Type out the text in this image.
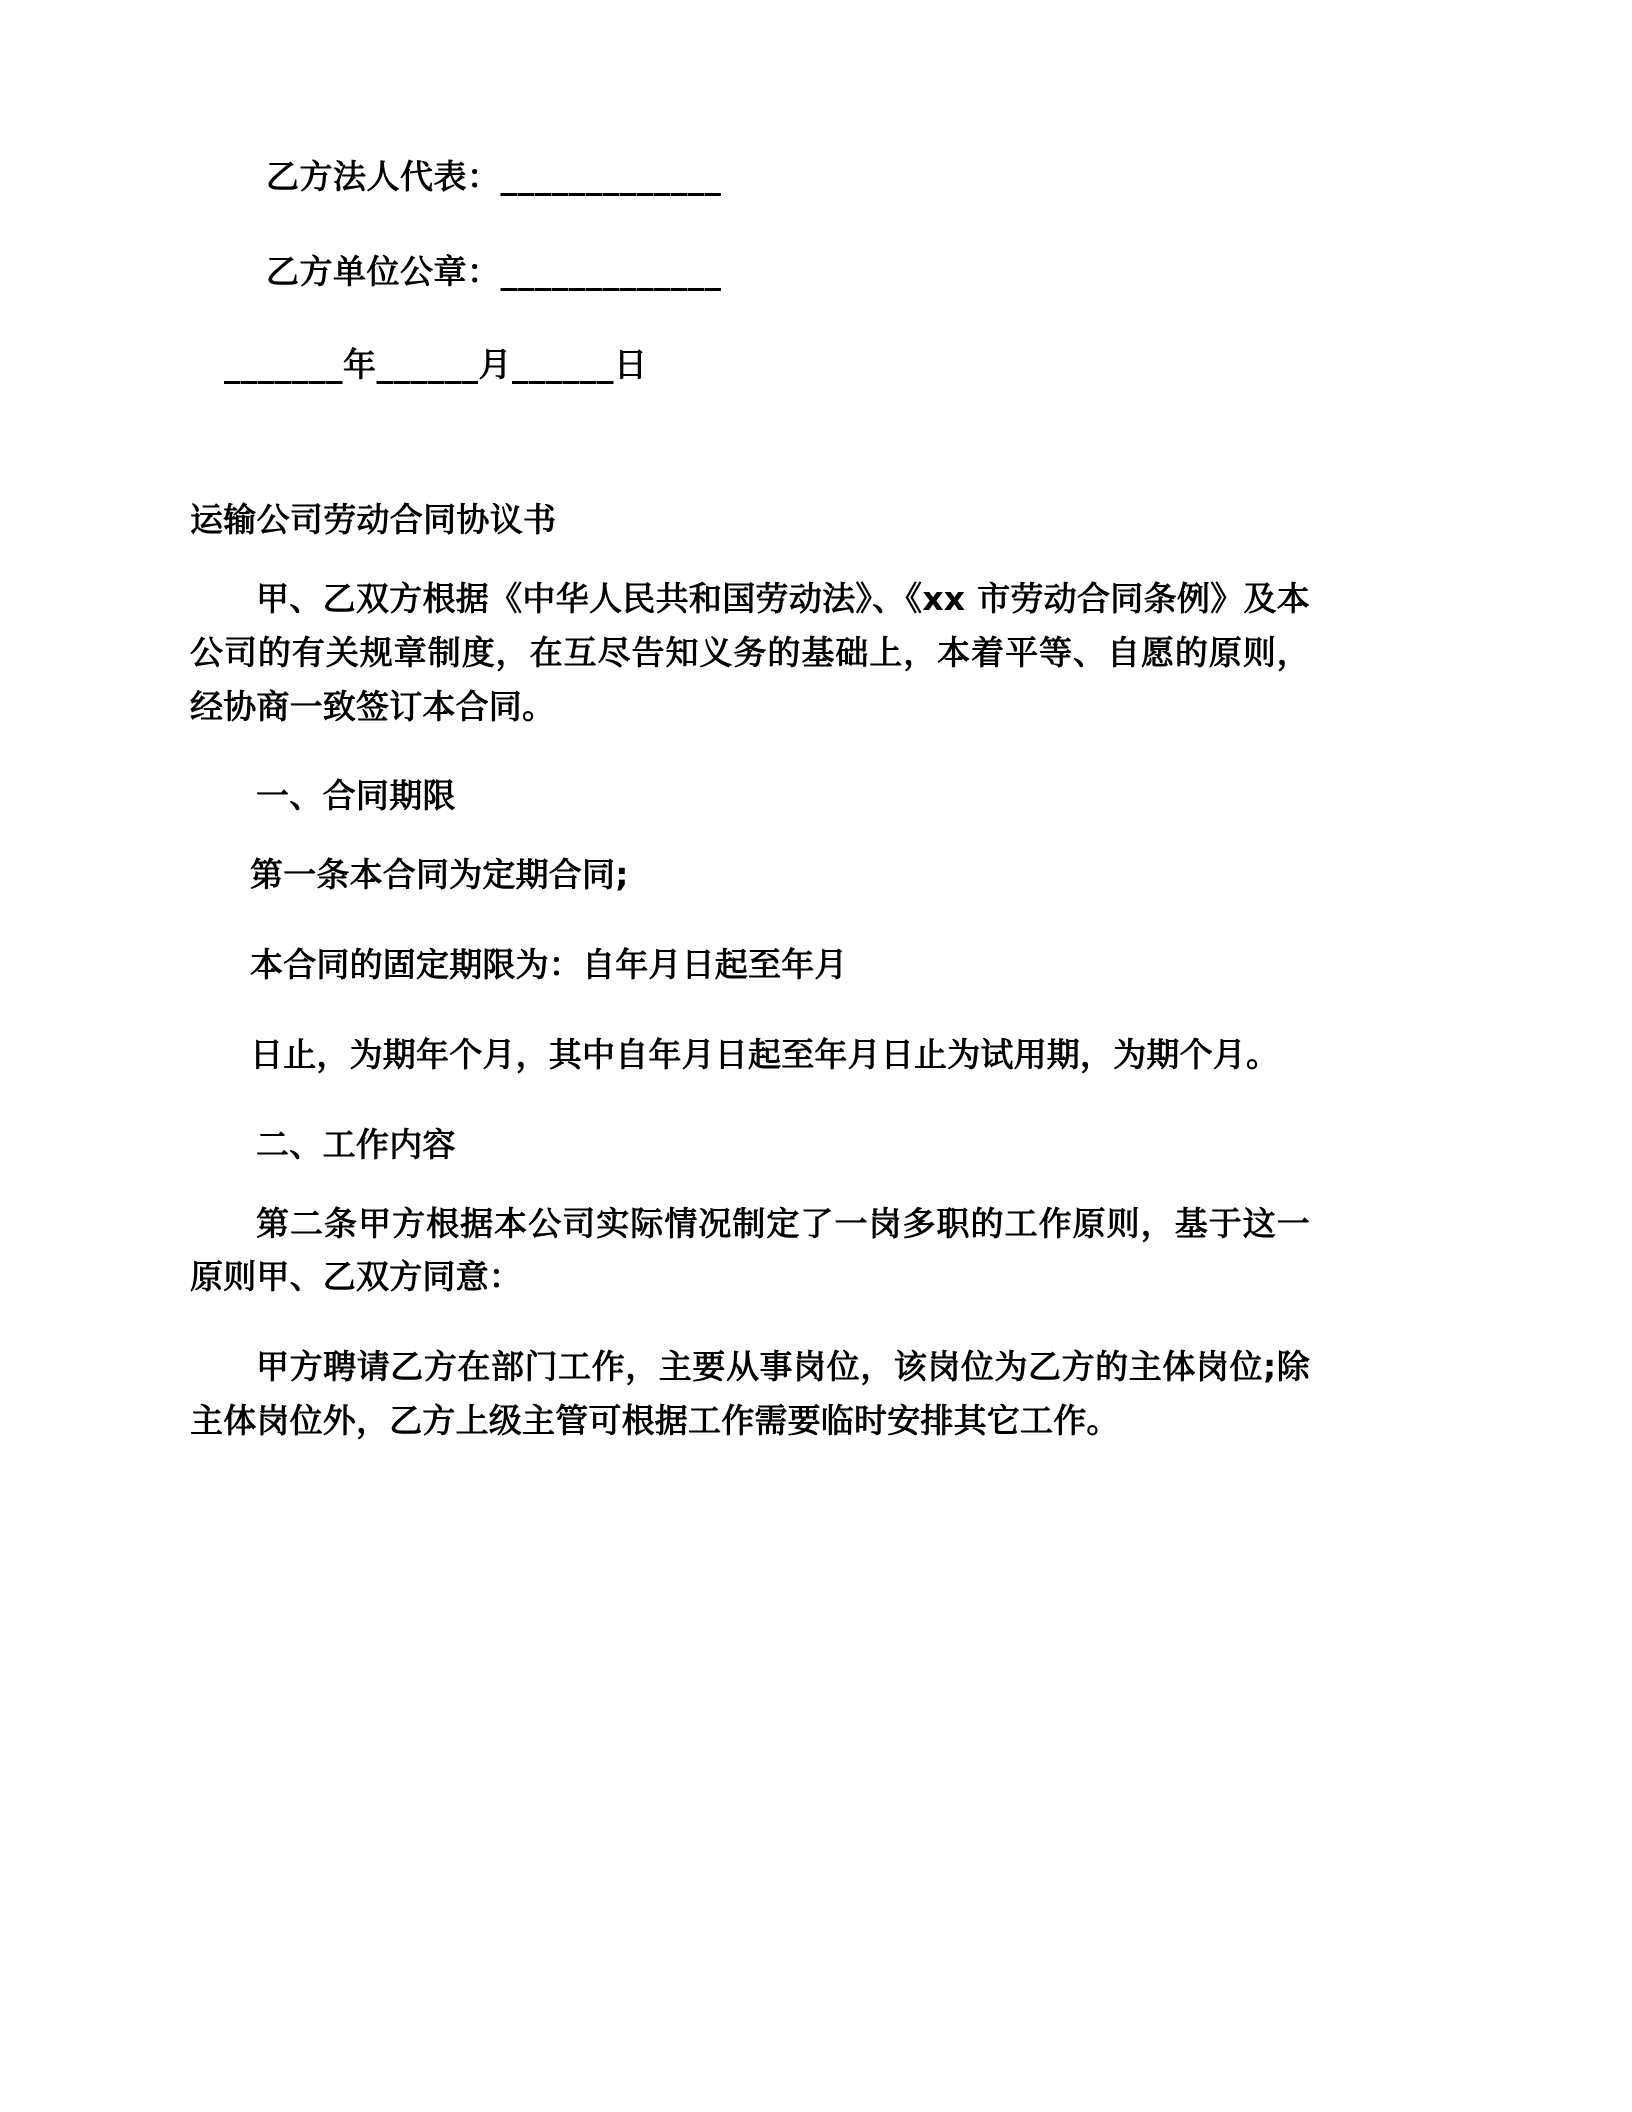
乙方法人代表：_____________
乙方单位公章：_____________
_______年______月______日
运输公司劳动合同协议书

甲、乙双方根据《中华人民共和国劳动法》、《xx 市劳动合同条例》及本公司的有关规章制度，在互尽告知义务的基础上，本着平等、自愿的原则，经协商一致签订本合同。

一、合同期限

第一条本合同为定期合同;

本合同的固定期限为：自年月日起至年月

日止，为期年个月，其中自年月日起至年月日止为试用期，为期个月。

二、工作内容

第二条甲方根据本公司实际情况制定了一岗多职的工作原则，基于这一原则甲、乙双方同意：

甲方聘请乙方在部门工作，主要从事岗位，该岗位为乙方的主体岗位;除主体岗位外，乙方上级主管可根据工作需要临时安排其它工作。
